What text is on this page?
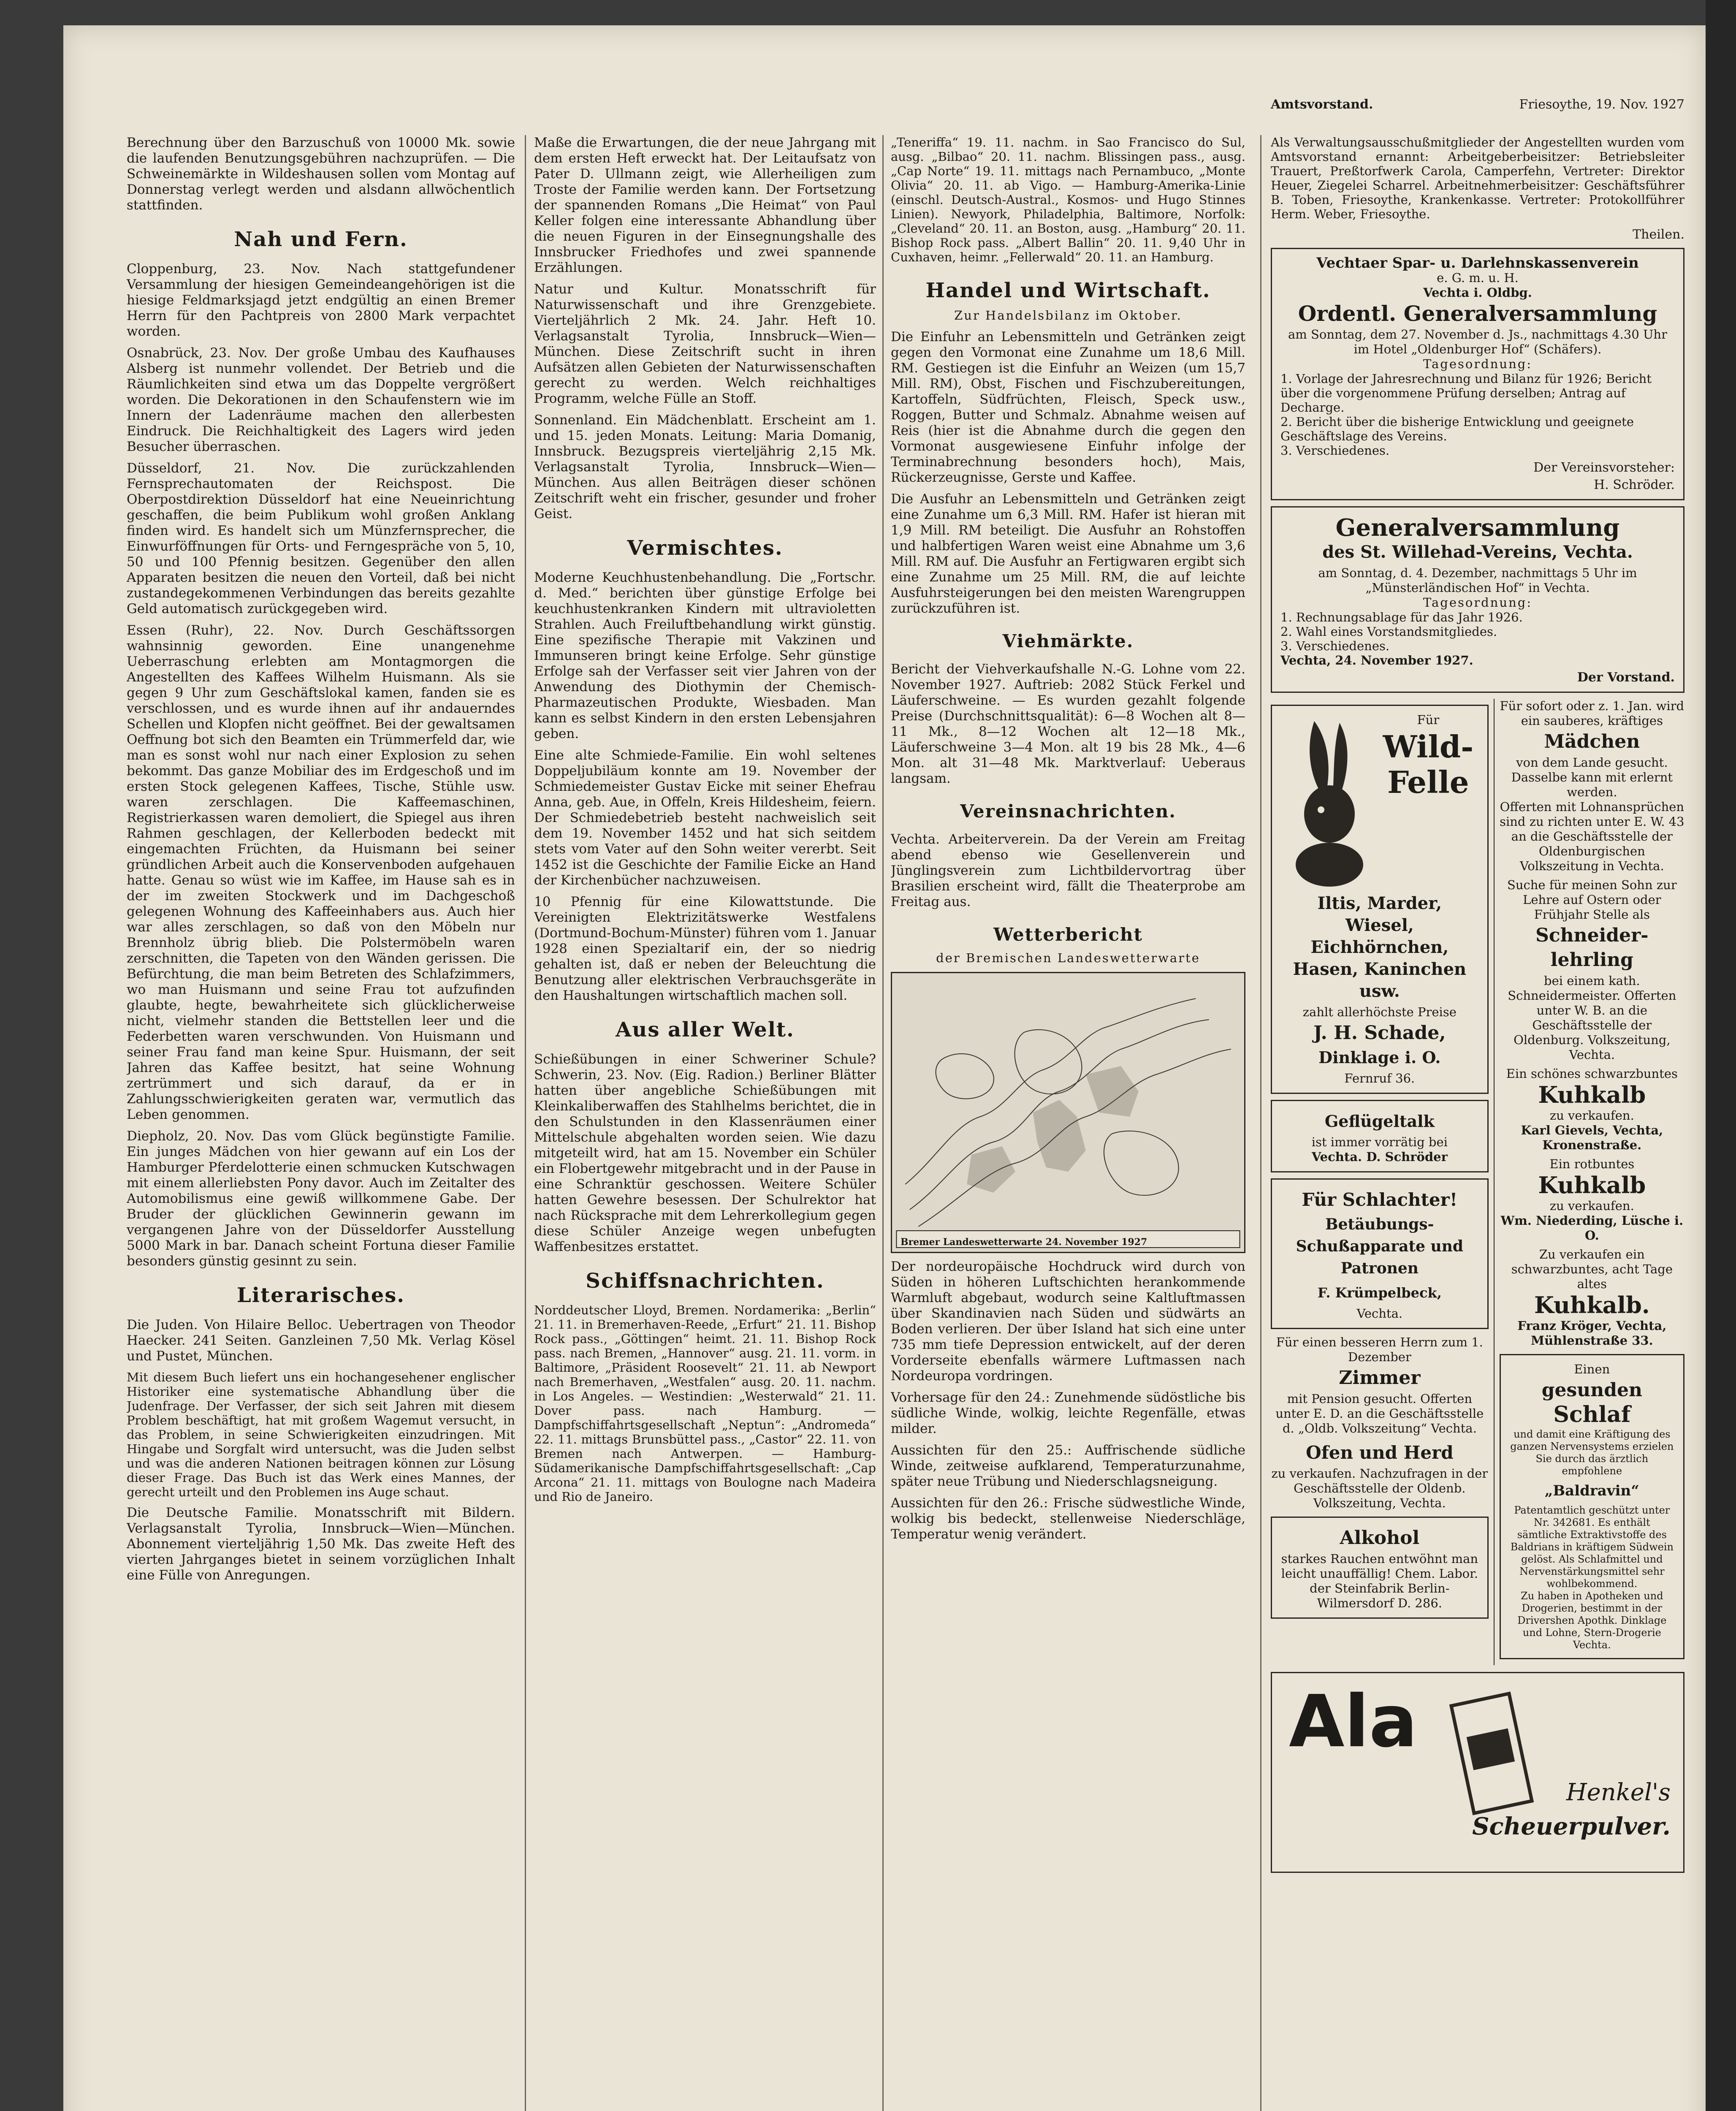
Amtsvorstand.	Friesoythe, 19. Nov. 1927

Berechnung über den Barzuschuß von 10000 Mk. sowie die laufenden Benutzungsgebühren nachzuprüfen. — Die Schweinemärkte in Wildeshausen sollen vom Montag auf Donnerstag verlegt werden und alsdann allwöchentlich stattfinden.

Nah und Fern.

Cloppenburg, 23. Nov. Nach stattgefundener Versammlung der hiesigen Gemeindeangehörigen ist die hiesige Feldmarksjagd jetzt endgültig an einen Bremer Herrn für den Pachtpreis von 2800 Mark verpachtet worden.

Osnabrück, 23. Nov. Der große Umbau des Kaufhauses Alsberg ist nunmehr vollendet. Der Betrieb und die Räumlichkeiten sind etwa um das Doppelte vergrößert worden. Die Dekorationen in den Schaufenstern wie im Innern der Ladenräume machen den allerbesten Eindruck. Die Reichhaltigkeit des Lagers wird jeden Besucher überraschen.

Düsseldorf, 21. Nov. Die zurückzahlenden Fernsprechautomaten der Reichspost. Die Oberpostdirektion Düsseldorf hat eine Neueinrichtung geschaffen, die beim Publikum wohl großen Anklang finden wird. Es handelt sich um Münzfernsprecher, die Einwurföffnungen für Orts- und Ferngespräche von 5, 10, 50 und 100 Pfennig besitzen. Gegenüber den allen Apparaten besitzen die neuen den Vorteil, daß bei nicht zustandegekommenen Verbindungen das bereits gezahlte Geld automatisch zurückgegeben wird.

Essen (Ruhr), 22. Nov. Durch Geschäftssorgen wahnsinnig geworden. Eine unangenehme Ueberraschung erlebten am Montagmorgen die Angestellten des Kaffees Wilhelm Huismann. Als sie gegen 9 Uhr zum Geschäftslokal kamen, fanden sie es verschlossen, und es wurde ihnen auf ihr andauerndes Schellen und Klopfen nicht geöffnet. Bei der gewaltsamen Oeffnung bot sich den Beamten ein Trümmerfeld dar, wie man es sonst wohl nur nach einer Explosion zu sehen bekommt. Das ganze Mobiliar des im Erdgeschoß und im ersten Stock gelegenen Kaffees, Tische, Stühle usw. waren zerschlagen. Die Kaffeemaschinen, Registrierkassen waren demoliert, die Spiegel aus ihren Rahmen geschlagen, der Kellerboden bedeckt mit eingemachten Früchten, da Huismann bei seiner gründlichen Arbeit auch die Konservenboden aufgehauen hatte. Genau so wüst wie im Kaffee, im Hause sah es in der im zweiten Stockwerk und im Dachgeschoß gelegenen Wohnung des Kaffeeinhabers aus. Auch hier war alles zerschlagen, so daß von den Möbeln nur Brennholz übrig blieb. Die Polstermöbeln waren zerschnitten, die Tapeten von den Wänden gerissen. Die Befürchtung, die man beim Betreten des Schlafzimmers, wo man Huismann und seine Frau tot aufzufinden glaubte, hegte, bewahrheitete sich glücklicherweise nicht, vielmehr standen die Bettstellen leer und die Federbetten waren verschwunden. Von Huismann und seiner Frau fand man keine Spur. Huismann, der seit Jahren das Kaffee besitzt, hat seine Wohnung zertrümmert und sich darauf, da er in Zahlungsschwierigkeiten geraten war, vermutlich das Leben genommen.

Diepholz, 20. Nov. Das vom Glück begünstigte Familie. Ein junges Mädchen von hier gewann auf ein Los der Hamburger Pferdelotterie einen schmucken Kutschwagen mit einem allerliebsten Pony davor. Auch im Zeitalter des Automobilismus eine gewiß willkommene Gabe. Der Bruder der glücklichen Gewinnerin gewann im vergangenen Jahre von der Düsseldorfer Ausstellung 5000 Mark in bar. Danach scheint Fortuna dieser Familie besonders günstig gesinnt zu sein.

Literarisches.

Die Juden. Von Hilaire Belloc. Uebertragen von Theodor Haecker. 241 Seiten. Ganzleinen 7,50 Mk. Verlag Kösel und Pustet, München.

Mit diesem Buch liefert uns ein hochangesehener englischer Historiker eine systematische Abhandlung über die Judenfrage. Der Verfasser, der sich seit Jahren mit diesem Problem beschäftigt, hat mit großem Wagemut versucht, in das Problem, in seine Schwierigkeiten einzudringen. Mit Hingabe und Sorgfalt wird untersucht, was die Juden selbst und was die anderen Nationen beitragen können zur Lösung dieser Frage. Das Buch ist das Werk eines Mannes, der gerecht urteilt und den Problemen ins Auge schaut.

Die Deutsche Familie. Monatsschrift mit Bildern. Verlagsanstalt Tyrolia, Innsbruck—Wien—München. Abonnement vierteljährig 1,50 Mk. Das zweite Heft des vierten Jahrganges bietet in seinem vorzüglichen Inhalt eine Fülle von Anregungen.

Maße die Erwartungen, die der neue Jahrgang mit dem ersten Heft erweckt hat. Der Leitaufsatz von Pater D. Ullmann zeigt, wie Allerheiligen zum Troste der Familie werden kann. Der Fortsetzung der spannenden Romans „Die Heimat“ von Paul Keller folgen eine interessante Abhandlung über die neuen Figuren in der Einsegnungshalle des Innsbrucker Friedhofes und zwei spannende Erzählungen.

Natur und Kultur. Monatsschrift für Naturwissenschaft und ihre Grenzgebiete. Vierteljährlich 2 Mk. 24. Jahr. Heft 10. Verlagsanstalt Tyrolia, Innsbruck—Wien—München. Diese Zeitschrift sucht in ihren Aufsätzen allen Gebieten der Naturwissenschaften gerecht zu werden. Welch reichhaltiges Programm, welche Fülle an Stoff.

Sonnenland. Ein Mädchenblatt. Erscheint am 1. und 15. jeden Monats. Leitung: Maria Domanig, Innsbruck. Bezugspreis vierteljährig 2,15 Mk. Verlagsanstalt Tyrolia, Innsbruck—Wien—München. Aus allen Beiträgen dieser schönen Zeitschrift weht ein frischer, gesunder und froher Geist.

Vermischtes.

Moderne Keuchhustenbehandlung. Die „Fortschr. d. Med.“ berichten über günstige Erfolge bei keuchhustenkranken Kindern mit ultravioletten Strahlen. Auch Freiluftbehandlung wirkt günstig. Eine spezifische Therapie mit Vakzinen und Immunseren bringt keine Erfolge. Sehr günstige Erfolge sah der Verfasser seit vier Jahren von der Anwendung des Diothymin der Chemisch-Pharmazeutischen Produkte, Wiesbaden. Man kann es selbst Kindern in den ersten Lebensjahren geben.

Eine alte Schmiede-Familie. Ein wohl seltenes Doppeljubiläum konnte am 19. November der Schmiedemeister Gustav Eicke mit seiner Ehefrau Anna, geb. Aue, in Offeln, Kreis Hildesheim, feiern. Der Schmiedebetrieb besteht nachweislich seit dem 19. November 1452 und hat sich seitdem stets vom Vater auf den Sohn weiter vererbt. Seit 1452 ist die Geschichte der Familie Eicke an Hand der Kirchenbücher nachzuweisen.

10 Pfennig für eine Kilowattstunde. Die Vereinigten Elektrizitätswerke Westfalens (Dortmund-Bochum-Münster) führen vom 1. Januar 1928 einen Spezialtarif ein, der so niedrig gehalten ist, daß er neben der Beleuchtung die Benutzung aller elektrischen Verbrauchsgeräte in den Haushaltungen wirtschaftlich machen soll.

Aus aller Welt.

Schießübungen in einer Schweriner Schule? Schwerin, 23. Nov. (Eig. Radion.) Berliner Blätter hatten über angebliche Schießübungen mit Kleinkaliberwaffen des Stahlhelms berichtet, die in den Schulstunden in den Klassenräumen einer Mittelschule abgehalten worden seien. Wie dazu mitgeteilt wird, hat am 15. November ein Schüler ein Flobertgewehr mitgebracht und in der Pause in eine Schranktür geschossen. Weitere Schüler hatten Gewehre besessen. Der Schulrektor hat nach Rücksprache mit dem Lehrerkollegium gegen diese Schüler Anzeige wegen unbefugten Waffenbesitzes erstattet.

Schiffsnachrichten.

Norddeutscher Lloyd, Bremen. Nordamerika: „Berlin“ 21. 11. in Bremerhaven-Reede, „Erfurt“ 21. 11. Bishop Rock pass., „Göttingen“ heimt. 21. 11. Bishop Rock pass. nach Bremen, „Hannover“ ausg. 21. 11. vorm. in Baltimore, „Präsident Roosevelt“ 21. 11. ab Newport nach Bremerhaven, „Westfalen“ ausg. 20. 11. nachm. in Los Angeles. — Westindien: „Westerwald“ 21. 11. Dover pass. nach Hamburg. — Dampfschiffahrtsgesellschaft „Neptun“: „Andromeda“ 22. 11. mittags Brunsbüttel pass., „Castor“ 22. 11. von Bremen nach Antwerpen. — Hamburg-Südamerikanische Dampfschiffahrtsgesellschaft: „Cap Arcona“ 21. 11. mittags von Boulogne nach Madeira und Rio de Janeiro.

„Teneriffa“ 19. 11. nachm. in Sao Francisco do Sul, ausg. „Bilbao“ 20. 11. nachm. Blissingen pass., ausg. „Cap Norte“ 19. 11. mittags nach Pernambuco, „Monte Olivia“ 20. 11. ab Vigo. — Hamburg-Amerika-Linie (einschl. Deutsch-Austral., Kosmos- und Hugo Stinnes Linien). Newyork, Philadelphia, Baltimore, Norfolk: „Cleveland“ 20. 11. an Boston, ausg. „Hamburg“ 20. 11. Bishop Rock pass. „Albert Ballin“ 20. 11. 9,40 Uhr in Cuxhaven, heimr. „Fellerwald“ 20. 11. an Hamburg.

Handel und Wirtschaft.
Zur Handelsbilanz im Oktober.

Die Einfuhr an Lebensmitteln und Getränken zeigt gegen den Vormonat eine Zunahme um 18,6 Mill. RM. Gestiegen ist die Einfuhr an Weizen (um 15,7 Mill. RM), Obst, Fischen und Fischzubereitungen, Kartoffeln, Südfrüchten, Fleisch, Speck usw., Roggen, Butter und Schmalz. Abnahme weisen auf Reis (hier ist die Abnahme durch die gegen den Vormonat ausgewiesene Einfuhr infolge der Terminabrechnung besonders hoch), Mais, Rückerzeugnisse, Gerste und Kaffee.

Die Ausfuhr an Lebensmitteln und Getränken zeigt eine Zunahme um 6,3 Mill. RM. Hafer ist hieran mit 1,9 Mill. RM beteiligt. Die Ausfuhr an Rohstoffen und halbfertigen Waren weist eine Abnahme um 3,6 Mill. RM auf. Die Ausfuhr an Fertigwaren ergibt sich eine Zunahme um 25 Mill. RM, die auf leichte Ausfuhrsteigerungen bei den meisten Warengruppen zurückzuführen ist.

Viehmärkte.

Bericht der Viehverkaufshalle N.-G. Lohne vom 22. November 1927. Auftrieb: 2082 Stück Ferkel und Läuferschweine. — Es wurden gezahlt folgende Preise (Durchschnittsqualität): 6—8 Wochen alt 8—11 Mk., 8—12 Wochen alt 12—18 Mk., Läuferschweine 3—4 Mon. alt 19 bis 28 Mk., 4—6 Mon. alt 31—48 Mk. Marktverlauf: Ueberaus langsam.

Vereinsnachrichten.

Vechta. Arbeiterverein. Da der Verein am Freitag abend ebenso wie Gesellenverein und Jünglingsverein zum Lichtbildervortrag über Brasilien erscheint wird, fällt die Theaterprobe am Freitag aus.

Wetterbericht
der Bremischen Landeswetterwarte
Bremer Landeswetterwarte 24. November 1927

Der nordeuropäische Hochdruck wird durch von Süden in höheren Luftschichten herankommende Warmluft abgebaut, wodurch seine Kaltluftmassen über Skandinavien nach Süden und südwärts an Boden verlieren. Der über Island hat sich eine unter 735 mm tiefe Depression entwickelt, auf der deren Vorderseite ebenfalls wärmere Luftmassen nach Nordeuropa vordringen.

Vorhersage für den 24.: Zunehmende südöstliche bis südliche Winde, wolkig, leichte Regenfälle, etwas milder.

Aussichten für den 25.: Auffrischende südliche Winde, zeitweise aufklarend, Temperaturzunahme, später neue Trübung und Niederschlagsneigung.

Aussichten für den 26.: Frische südwestliche Winde, wolkig bis bedeckt, stellenweise Niederschläge, Temperatur wenig verändert.

Als Verwaltungsausschußmitglieder der Angestellten wurden vom Amtsvorstand ernannt: Arbeitgeberbeisitzer: Betriebsleiter Trauert, Preßtorfwerk Carola, Camperfehn, Vertreter: Direktor Heuer, Ziegelei Scharrel. Arbeitnehmerbeisitzer: Geschäftsführer B. Toben, Friesoythe, Krankenkasse. Vertreter: Protokollführer Herm. Weber, Friesoythe.

Theilen.
Vechtaer Spar- u. Darlehnskassenverein
e. G. m. u. H.
Vechta i. Oldbg.
Ordentl. Generalversammlung
am Sonntag, dem 27. November d. Js., nachmittags 4.30 Uhr im Hotel „Oldenburger Hof“ (Schäfers).
Tagesordnung:
1. Vorlage der Jahresrechnung und Bilanz für 1926; Bericht über die vorgenommene Prüfung derselben; Antrag auf Decharge.
2. Bericht über die bisherige Entwicklung und geeignete Geschäftslage des Vereins.
3. Verschiedenes.
Der Vereinsvorsteher:
H. Schröder.
Generalversammlung
des St. Willehad-Vereins, Vechta.
am Sonntag, d. 4. Dezember, nachmittags 5 Uhr im „Münsterländischen Hof“ in Vechta.
Tagesordnung:
1. Rechnungsablage für das Jahr 1926.
2. Wahl eines Vorstandsmitgliedes.
3. Verschiedenes.
Vechta, 24. November 1927.
Der Vorstand.
Für
Wild-Felle
Iltis, Marder, Wiesel, Eichhörnchen, Hasen, Kaninchen usw.
zahlt allerhöchste Preise
J. H. Schade,
Dinklage i. O.
Fernruf 36.
Geflügeltalk
ist immer vorrätig bei
Vechta. D. Schröder
Für Schlachter!
Betäubungs- Schußapparate und Patronen
F. Krümpelbeck,
Vechta.
Für einen besseren Herrn zum 1. Dezember
Zimmer
mit Pension gesucht. Offerten unter E. D. an die Geschäftsstelle d. „Oldb. Volkszeitung“ Vechta.
Ofen und Herd
zu verkaufen. Nachzufragen in der Geschäftsstelle der Oldenb. Volkszeitung, Vechta.
Alkohol
starkes Rauchen entwöhnt man leicht unauffällig! Chem. Labor. der Steinfabrik Berlin-Wilmersdorf D. 286.
Für sofort oder z. 1. Jan. wird ein sauberes, kräftiges
Mädchen
von dem Lande gesucht. Dasselbe kann mit erlernt werden.
Offerten mit Lohnansprüchen sind zu richten unter E. W. 43 an die Geschäftsstelle der Oldenburgischen Volkszeitung in Vechta.
Suche für meinen Sohn zur Lehre auf Ostern oder Frühjahr Stelle als
Schneider-
lehrling
bei einem kath. Schneidermeister. Offerten unter W. B. an die Geschäftsstelle der Oldenburg. Volkszeitung, Vechta.
Ein schönes schwarzbuntes
Kuhkalb
zu verkaufen.
Karl Gievels, Vechta, Kronenstraße.
Ein rotbuntes
Kuhkalb
zu verkaufen.
Wm. Niederding, Lüsche i. O.
Zu verkaufen ein schwarzbuntes, acht Tage altes
Kuhkalb.
Franz Kröger, Vechta, Mühlenstraße 33.
Einen
gesunden
Schlaf
und damit eine Kräftigung des ganzen Nervensystems erzielen Sie durch das ärztlich empfohlene
„Baldravin“
Patentamtlich geschützt unter Nr. 342681. Es enthält sämtliche Extraktivstoffe des Baldrians in kräftigem Südwein gelöst. Als Schlafmittel und Nervenstärkungsmittel sehr wohlbekommend.
Zu haben in Apotheken und Drogerien, bestimmt in der
Drivershen Apothk. Dinklage und Lohne, Stern-Drogerie Vechta.
Ala
Henkel's
Scheuerpulver.
